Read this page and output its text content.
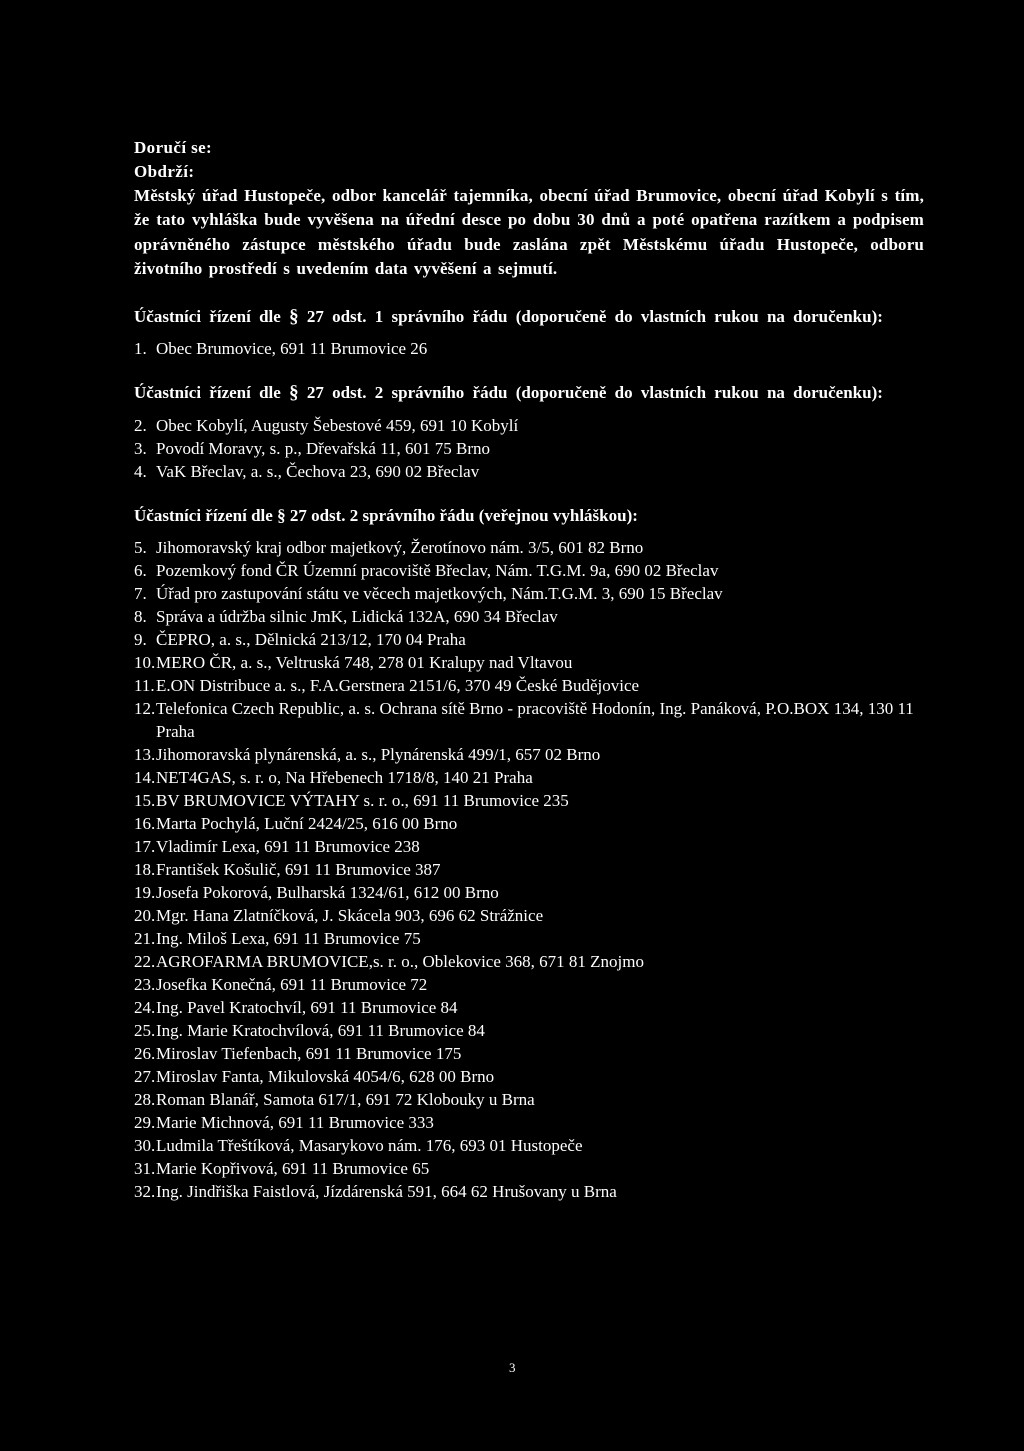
Doručí se:
Obdrží:
Městský úřad Hustopeče, odbor kancelář tajemníka, obecní úřad Brumovice, obecní úřad Kobylí s tím, že tato vyhláška bude vyvěšena na úřední desce po dobu 30 dnů a poté opatřena razítkem a podpisem oprávněného zástupce městského úřadu bude zaslána zpět Městskému úřadu Hustopeče, odboru životního prostředí s uvedením data vyvěšení a sejmutí.
Účastníci řízení dle § 27 odst. 1 správního řádu (doporučeně do vlastních rukou na doručenku):
1. Obec Brumovice, 691 11 Brumovice 26
Účastníci řízení dle § 27 odst. 2 správního řádu (doporučeně do vlastních rukou na doručenku):
2. Obec Kobylí, Augusty Šebestové 459, 691 10 Kobylí
3. Povodí Moravy, s. p., Dřevařská 11, 601 75 Brno
4. VaK Břeclav, a. s., Čechova 23, 690 02 Břeclav
Účastníci řízení dle § 27 odst. 2 správního řádu (veřejnou vyhláškou):
5. Jihomoravský kraj odbor majetkový, Žerotínovo nám. 3/5, 601 82 Brno
6. Pozemkový fond ČR Územní pracoviště Břeclav, Nám. T.G.M. 9a, 690 02 Břeclav
7. Úřad pro zastupování státu ve věcech majetkových, Nám.T.G.M. 3, 690 15 Břeclav
8. Správa a údržba silnic JmK, Lidická 132A, 690 34 Břeclav
9. ČEPRO, a. s., Dělnická 213/12, 170 04 Praha
10. MERO ČR, a. s., Veltruská 748, 278 01 Kralupy nad Vltavou
11. E.ON Distribuce a. s., F.A.Gerstnera 2151/6, 370 49 České Budějovice
12. Telefonica Czech Republic, a. s. Ochrana sítě Brno - pracoviště Hodonín, Ing. Panáková, P.O.BOX 134, 130 11 Praha
13. Jihomoravská plynárenská, a. s., Plynárenská 499/1, 657 02 Brno
14. NET4GAS, s. r. o, Na Hřebenech 1718/8, 140 21 Praha
15. BV BRUMOVICE VÝTAHY s. r. o., 691 11 Brumovice 235
16. Marta Pochylá, Luční 2424/25, 616 00 Brno
17. Vladimír Lexa, 691 11 Brumovice 238
18. František Košulič, 691 11 Brumovice 387
19. Josefa Pokorová, Bulharská 1324/61, 612 00 Brno
20. Mgr. Hana Zlatníčková, J. Skácela 903, 696 62 Strážnice
21. Ing. Miloš Lexa, 691 11 Brumovice 75
22. AGROFARMA BRUMOVICE,s. r. o., Oblekovice 368, 671 81 Znojmo
23. Josefka Konečná, 691 11 Brumovice 72
24. Ing. Pavel Kratochvíl, 691 11 Brumovice 84
25. Ing. Marie Kratochvílová, 691 11 Brumovice 84
26. Miroslav Tiefenbach, 691 11 Brumovice 175
27. Miroslav Fanta, Mikulovská 4054/6, 628 00 Brno
28. Roman Blanář, Samota 617/1, 691 72 Klobouky u Brna
29. Marie Michnová, 691 11 Brumovice 333
30. Ludmila Třeštíková, Masarykovo nám. 176, 693 01 Hustopeče
31. Marie Kopřivová, 691 11 Brumovice 65
32. Ing. Jindřiška Faistlová, Jízdárenská 591, 664 62 Hrušovany u Brna
3
